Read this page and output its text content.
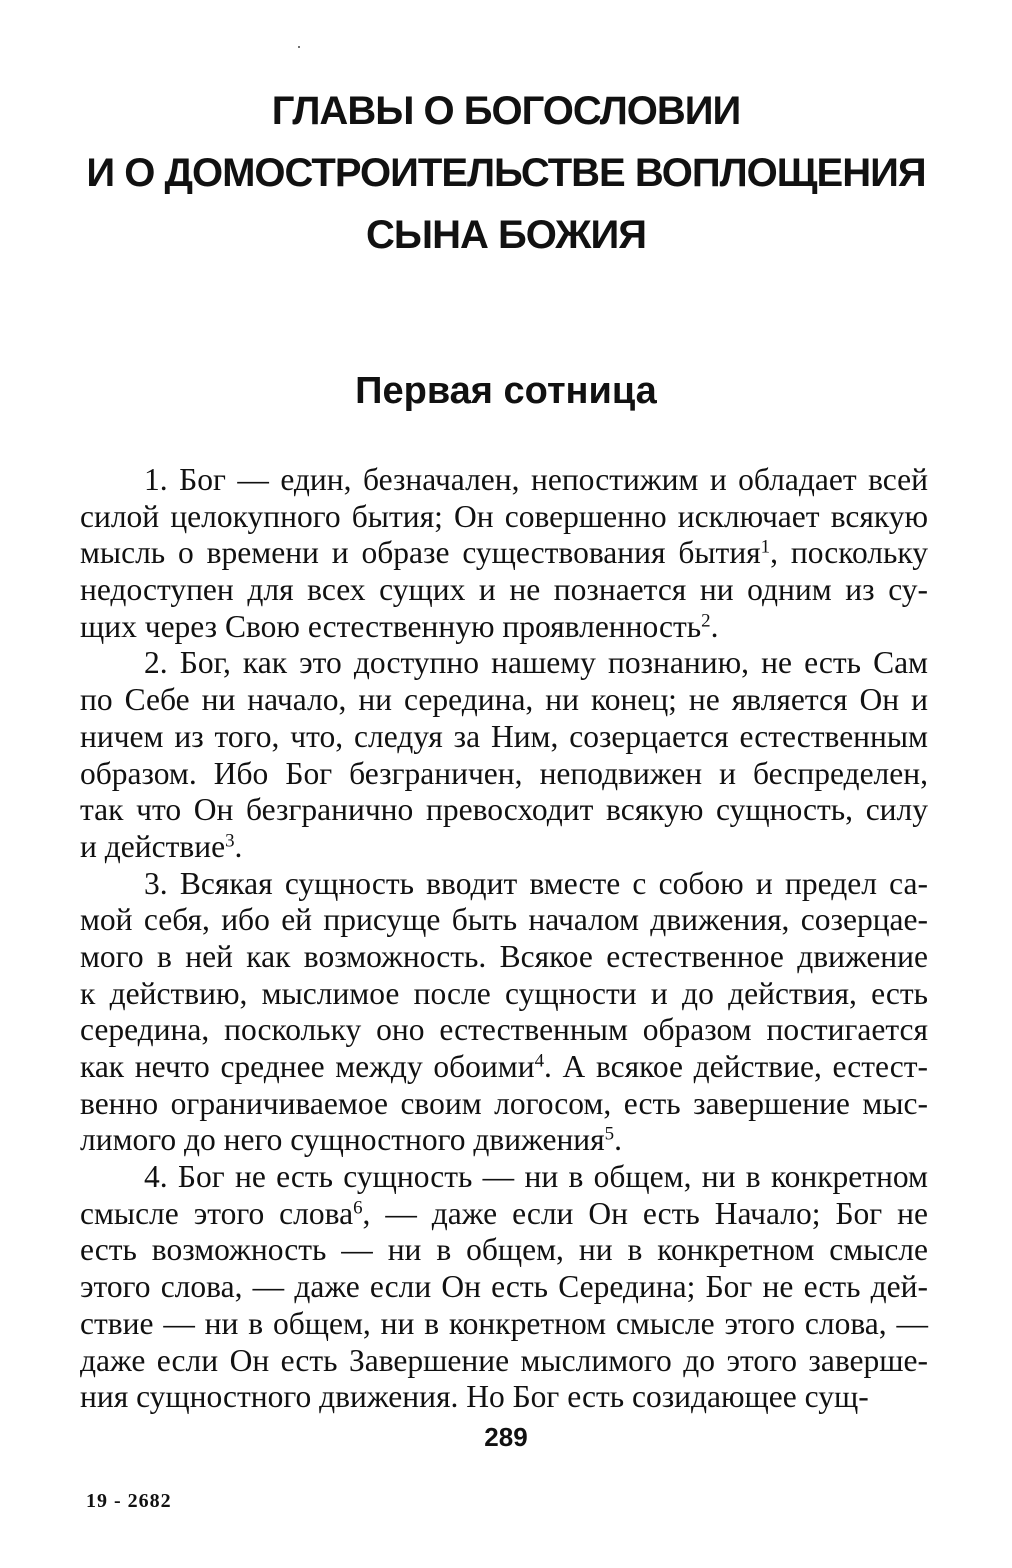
ГЛАВЫ О БОГОСЛОВИИ
И О ДОМОСТРОИТЕЛЬСТВЕ ВОПЛОЩЕНИЯ
СЫНА БОЖИЯ
Первая сотница
1. Бог — един, безначален, непостижим и обладает всей
силой целокупного бытия; Он совершенно исключает всякую
мысль о времени и образе существования бытия$^1$, поскольку
недоступен для всех сущих и не познается ни одним из су-
щих через Свою естественную проявленность$^2$.
2. Бог, как это доступно нашему познанию, не есть Сам
по Себе ни начало, ни середина, ни конец; не является Он и
ничем из того, что, следуя за Ним, созерцается естественным
образом. Ибо Бог безграничен, неподвижен и беспределен,
так что Он безгранично превосходит всякую сущность, силу
и действие$^3$.
3. Всякая сущность вводит вместе с собою и предел са-
мой себя, ибо ей присуще быть началом движения, созерцае-
мого в ней как возможность. Всякое естественное движение
к действию, мыслимое после сущности и до действия, есть
середина, поскольку оно естественным образом постигается
как нечто среднее между обоими$^4$. А всякое действие, естест-
венно ограничиваемое своим логосом, есть завершение мыс-
лимого до него сущностного движения$^5$.
4. Бог не есть сущность — ни в общем, ни в конкретном
смысле этого слова$^6$, — даже если Он есть Начало; Бог не
есть возможность — ни в общем, ни в конкретном смысле
этого слова, — даже если Он есть Середина; Бог не есть дей-
ствие — ни в общем, ни в конкретном смысле этого слова, —
даже если Он есть Завершение мыслимого до этого заверше-
ния сущностного движения. Но Бог есть созидающее сущ-
289
19 - 2682
